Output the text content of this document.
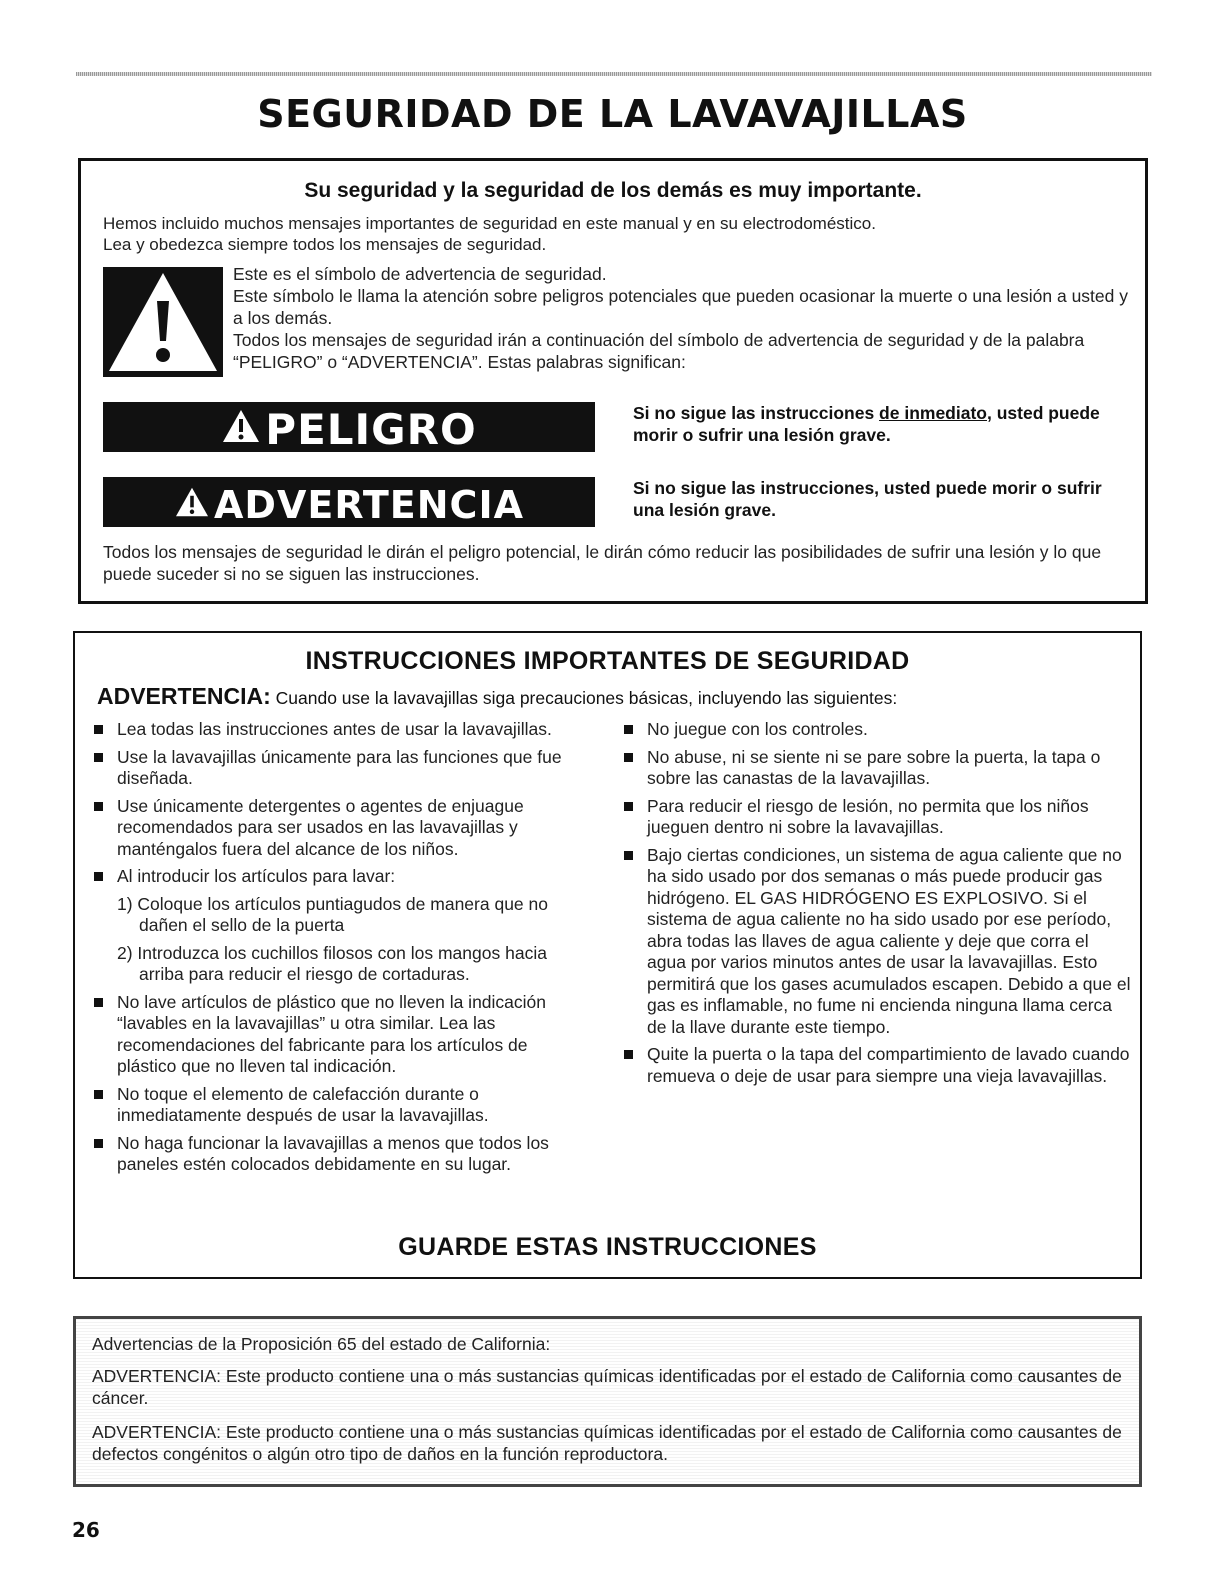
SEGURIDAD DE LA LAVAVAJILLAS
Su seguridad y la seguridad de los demás es muy importante.
Hemos incluido muchos mensajes importantes de seguridad en este manual y en su electrodoméstico.
Lea y obedezca siempre todos los mensajes de seguridad.
Este es el símbolo de advertencia de seguridad.
Este símbolo le llama la atención sobre peligros potenciales que pueden ocasionar la muerte o una lesión a usted y a los demás.
Todos los mensajes de seguridad irán a continuación del símbolo de advertencia de seguridad y de la palabra “PELIGRO” o “ADVERTENCIA”. Estas palabras significan:
PELIGRO	Si no sigue las instrucciones de inmediato, usted puede morir o sufrir una lesión grave.
ADVERTENCIA	Si no sigue las instrucciones, usted puede morir o sufrir una lesión grave.
Todos los mensajes de seguridad le dirán el peligro potencial, le dirán cómo reducir las posibilidades de sufrir una lesión y lo que puede suceder si no se siguen las instrucciones.
INSTRUCCIONES IMPORTANTES DE SEGURIDAD
ADVERTENCIA: Cuando use la lavavajillas siga precauciones básicas, incluyendo las siguientes:
Lea todas las instrucciones antes de usar la lavavajillas.
Use la lavavajillas únicamente para las funciones que fue diseñada.
Use únicamente detergentes o agentes de enjuague recomendados para ser usados en las lavavajillas y manténgalos fuera del alcance de los niños.
Al introducir los artículos para lavar:
1) Coloque los artículos puntiagudos de manera que no dañen el sello de la puerta
2) Introduzca los cuchillos filosos con los mangos hacia arriba para reducir el riesgo de cortaduras.
No lave artículos de plástico que no lleven la indicación “lavables en la lavavajillas” u otra similar. Lea las recomendaciones del fabricante para los artículos de plástico que no lleven tal indicación.
No toque el elemento de calefacción durante o inmediatamente después de usar la lavavajillas.
No haga funcionar la lavavajillas a menos que todos los paneles estén colocados debidamente en su lugar.
No juegue con los controles.
No abuse, ni se siente ni se pare sobre la puerta, la tapa o sobre las canastas de la lavavajillas.
Para reducir el riesgo de lesión, no permita que los niños jueguen dentro ni sobre la lavavajillas.
Bajo ciertas condiciones, un sistema de agua caliente que no ha sido usado por dos semanas o más puede producir gas hidrógeno. EL GAS HIDRÓGENO ES EXPLOSIVO. Si el sistema de agua caliente no ha sido usado por ese período, abra todas las llaves de agua caliente y deje que corra el agua por varios minutos antes de usar la lavavajillas. Esto permitirá que los gases acumulados escapen. Debido a que el gas es inflamable, no fume ni encienda ninguna llama cerca de la llave durante este tiempo.
Quite la puerta o la tapa del compartimiento de lavado cuando remueva o deje de usar para siempre una vieja lavavajillas.
GUARDE ESTAS INSTRUCCIONES
Advertencias de la Proposición 65 del estado de California:
ADVERTENCIA: Este producto contiene una o más sustancias químicas identificadas por el estado de California como causantes de cáncer.
ADVERTENCIA: Este producto contiene una o más sustancias químicas identificadas por el estado de California como causantes de defectos congénitos o algún otro tipo de daños en la función reproductora.
26
